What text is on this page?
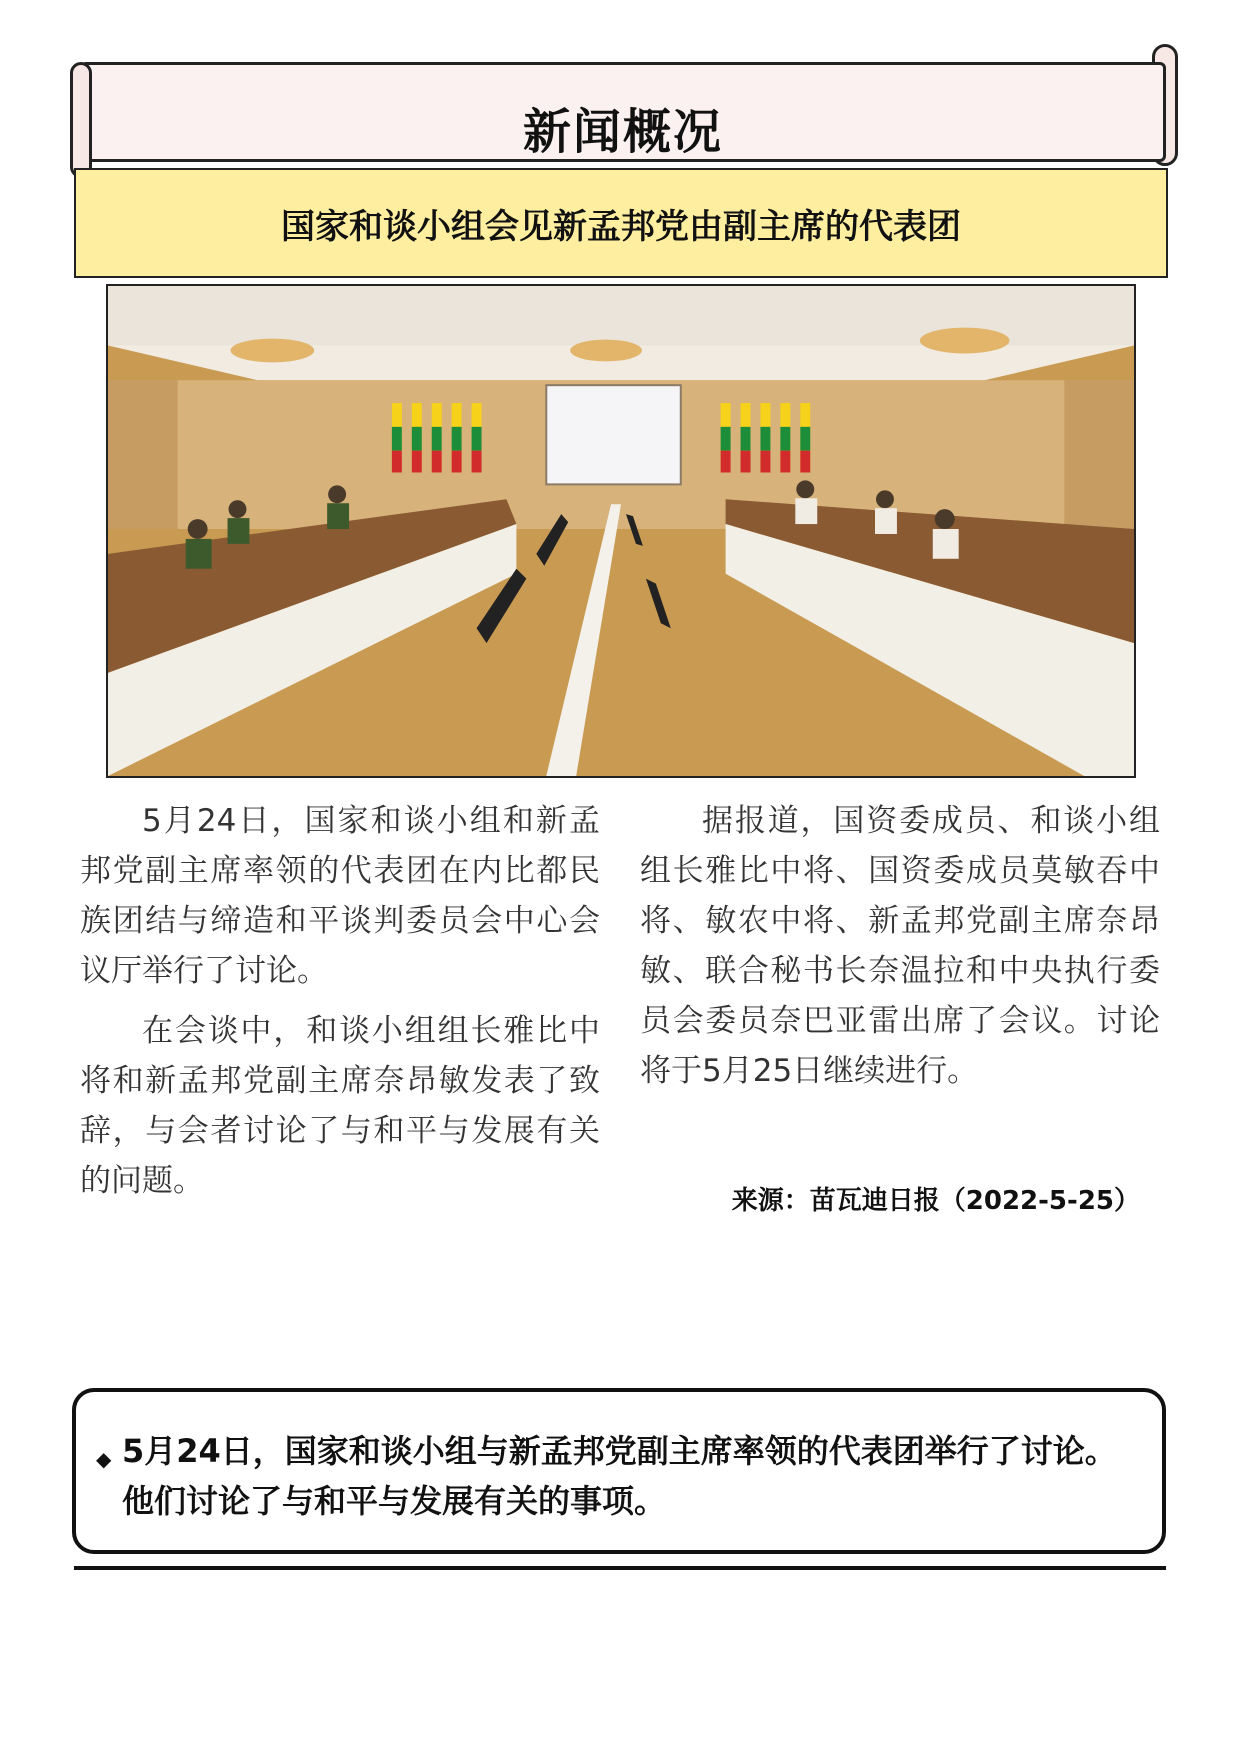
新闻概况
国家和谈小组会见新孟邦党由副主席的代表团

5月24日，国家和谈小组和新孟邦党副主席率领的代表团在内比都民族团结与缔造和平谈判委员会中心会议厅举行了讨论。

在会谈中，和谈小组组长雅比中将和新孟邦党副主席奈昂敏发表了致辞，与会者讨论了与和平与发展有关的问题。

据报道，国资委成员、和谈小组组长雅比中将、国资委成员莫敏吞中将、敏农中将、新孟邦党副主席奈昂敏、联合秘书长奈温拉和中央执行委员会委员奈巴亚雷出席了会议。讨论将于5月25日继续进行。

来源：苗瓦迪日报（2022-5-25）
◆ 5月24日，国家和谈小组与新孟邦党副主席率领的代表团举行了讨论。他们讨论了与和平与发展有关的事项。
